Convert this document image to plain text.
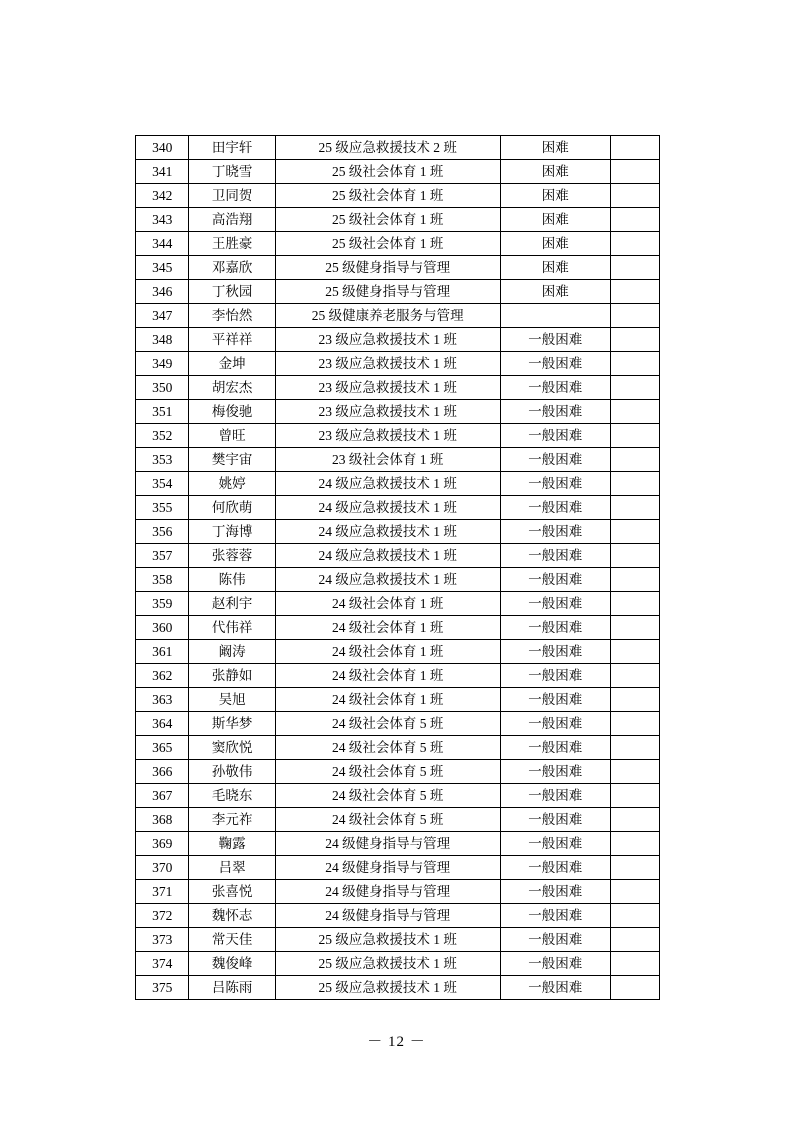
340	田宇轩	25 级应急救援技术 2 班	困难	
341	丁晓雪	25 级社会体育 1 班	困难	
342	卫同贺	25 级社会体育 1 班	困难	
343	高浩翔	25 级社会体育 1 班	困难	
344	王胜豪	25 级社会体育 1 班	困难	
345	邓嘉欣	25 级健身指导与管理	困难	
346	丁秋园	25 级健身指导与管理	困难	
347	李怡然	25 级健康养老服务与管理		
348	平祥祥	23 级应急救援技术 1 班	一般困难	
349	金坤	23 级应急救援技术 1 班	一般困难	
350	胡宏杰	23 级应急救援技术 1 班	一般困难	
351	梅俊驰	23 级应急救援技术 1 班	一般困难	
352	曾旺	23 级应急救援技术 1 班	一般困难	
353	樊宇宙	23 级社会体育 1 班	一般困难	
354	姚婷	24 级应急救援技术 1 班	一般困难	
355	何欣萌	24 级应急救援技术 1 班	一般困难	
356	丁海博	24 级应急救援技术 1 班	一般困难	
357	张蓉蓉	24 级应急救援技术 1 班	一般困难	
358	陈伟	24 级应急救援技术 1 班	一般困难	
359	赵利宇	24 级社会体育 1 班	一般困难	
360	代伟祥	24 级社会体育 1 班	一般困难	
361	阚涛	24 级社会体育 1 班	一般困难	
362	张静如	24 级社会体育 1 班	一般困难	
363	吴旭	24 级社会体育 1 班	一般困难	
364	斯华梦	24 级社会体育 5 班	一般困难	
365	窦欣悦	24 级社会体育 5 班	一般困难	
366	孙敬伟	24 级社会体育 5 班	一般困难	
367	毛晓东	24 级社会体育 5 班	一般困难	
368	李元祚	24 级社会体育 5 班	一般困难	
369	鞠露	24 级健身指导与管理	一般困难	
370	吕翠	24 级健身指导与管理	一般困难	
371	张喜悦	24 级健身指导与管理	一般困难	
372	魏怀志	24 级健身指导与管理	一般困难	
373	常天佳	25 级应急救援技术 1 班	一般困难	
374	魏俊峰	25 级应急救援技术 1 班	一般困难	
375	吕陈雨	25 级应急救援技术 1 班	一般困难	
－ 12 －
